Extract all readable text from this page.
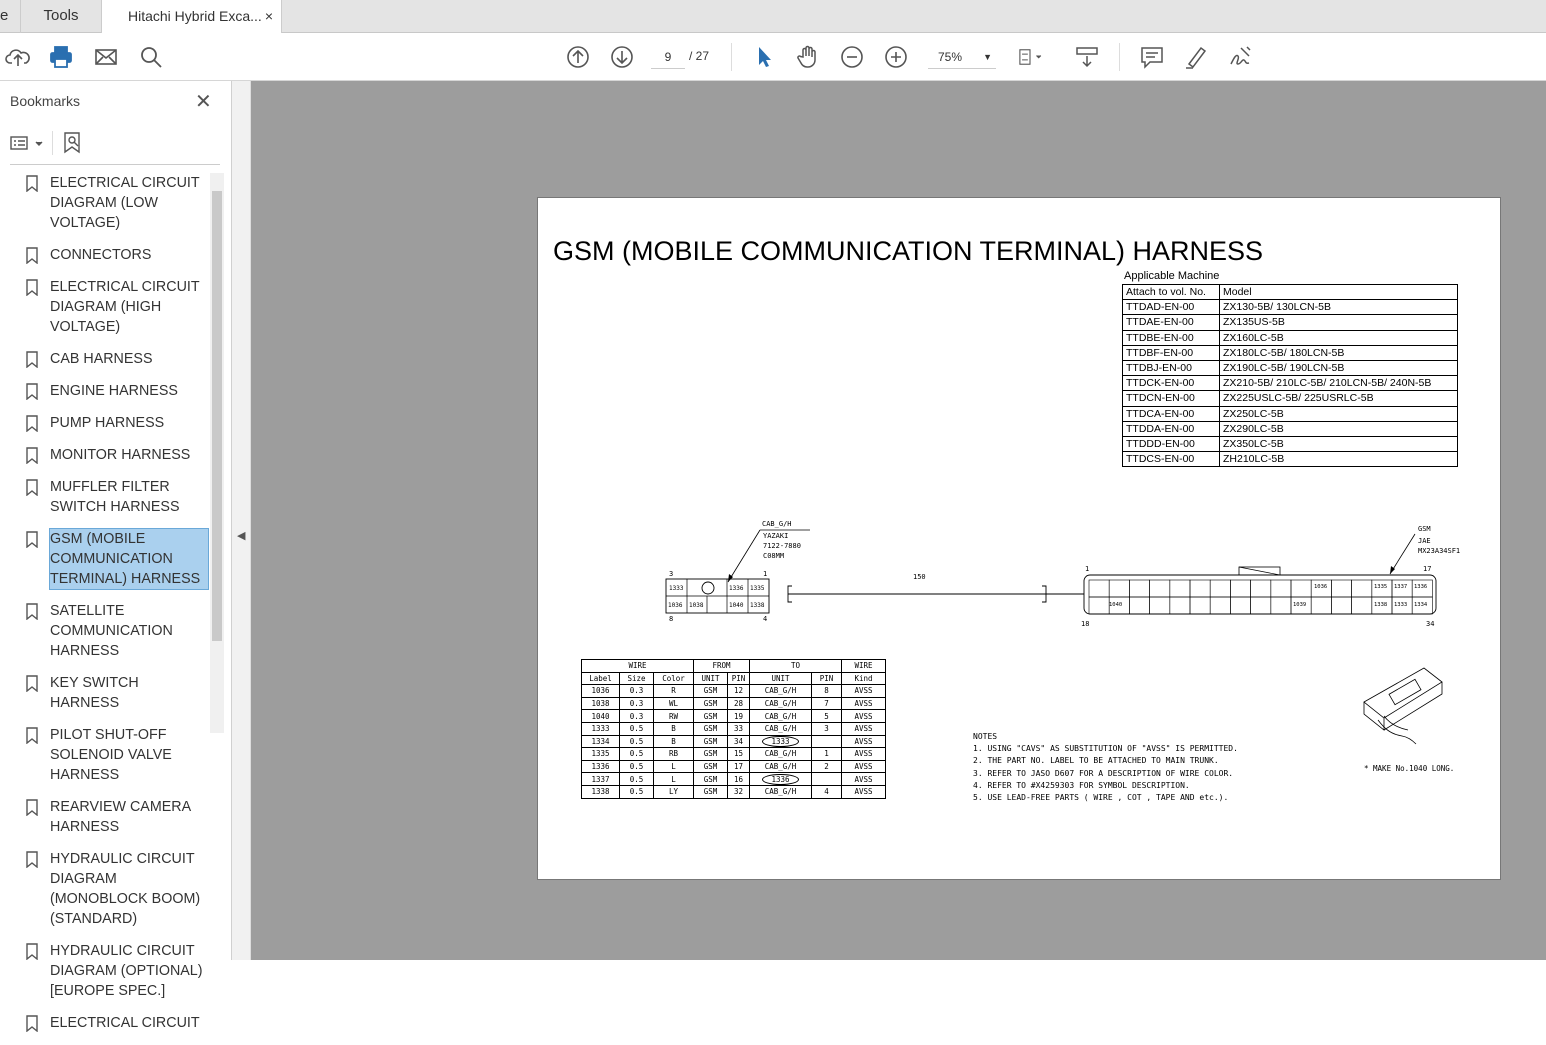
e	Tools	Hitachi Hybrid Exca... ×
9	/ 27	75% ▼
Bookmarks	✕
ELECTRICAL CIRCUIT DIAGRAM (LOW VOLTAGE)
CONNECTORS
ELECTRICAL CIRCUIT DIAGRAM (HIGH VOLTAGE)
CAB HARNESS
ENGINE HARNESS
PUMP HARNESS
MONITOR HARNESS
MUFFLER FILTER SWITCH HARNESS
GSM (MOBILE COMMUNICATION TERMINAL) HARNESS
SATELLITE COMMUNICATION HARNESS
KEY SWITCH HARNESS
PILOT SHUT-OFF SOLENOID VALVE HARNESS
REARVIEW CAMERA HARNESS
HYDRAULIC CIRCUIT DIAGRAM (MONOBLOCK BOOM) (STANDARD)
HYDRAULIC CIRCUIT DIAGRAM (OPTIONAL) [EUROPE SPEC.]
ELECTRICAL CIRCUIT
◀
GSM (MOBILE COMMUNICATION TERMINAL) HARNESS
Applicable Machine
Attach to vol. No.	Model
TTDAD-EN-00	ZX130-5B/ 130LCN-5B
TTDAE-EN-00	ZX135US-5B
TTDBE-EN-00	ZX160LC-5B
TTDBF-EN-00	ZX180LC-5B/ 180LCN-5B
TTDBJ-EN-00	ZX190LC-5B/ 190LCN-5B
TTDCK-EN-00	ZX210-5B/ 210LC-5B/ 210LCN-5B/ 240N-5B
TTDCN-EN-00	ZX225USLC-5B/ 225USRLC-5B
TTDCA-EN-00	ZX250LC-5B
TTDDA-EN-00	ZX290LC-5B
TTDDD-EN-00	ZX350LC-5B
TTDCS-EN-00	ZH210LC-5B
CAB_G/H
YAZAKI
7122-7880
C08MM
3	1
8	4
1333	1336 1335
1036 1038	1040 1338
150
GSM
JAE
MX23A34SF1
1	17
18	34
1036	1335 1337 1336
1040	1039	1338 1333 1334
WIRE			FROM		TO		WIRE
Label	Size	Color	UNIT	PIN	UNIT	PIN	Kind
1036	0.3	R	GSM	12	CAB_G/H	8	AVSS
1038	0.3	WL	GSM	28	CAB_G/H	7	AVSS
1040	0.3	RW	GSM	19	CAB_G/H	5	AVSS
1333	0.5	B	GSM	33	CAB_G/H	3	AVSS
1334	0.5	B	GSM	34	1333		AVSS
1335	0.5	RB	GSM	15	CAB_G/H	1	AVSS
1336	0.5	L	GSM	17	CAB_G/H	2	AVSS
1337	0.5	L	GSM	16	1336		AVSS
1338	0.5	LY	GSM	32	CAB_G/H	4	AVSS
NOTES
1. USING "CAVS" AS SUBSTITUTION OF "AVSS" IS PERMITTED.
2. THE PART NO. LABEL TO BE ATTACHED TO MAIN TRUNK.
3. REFER TO JASO D607 FOR A DESCRIPTION OF WIRE COLOR.
4. REFER TO #X4259303 FOR SYMBOL DESCRIPTION.
5. USE LEAD-FREE PARTS ( WIRE , COT , TAPE AND etc.).
* MAKE No.1040 LONG.
